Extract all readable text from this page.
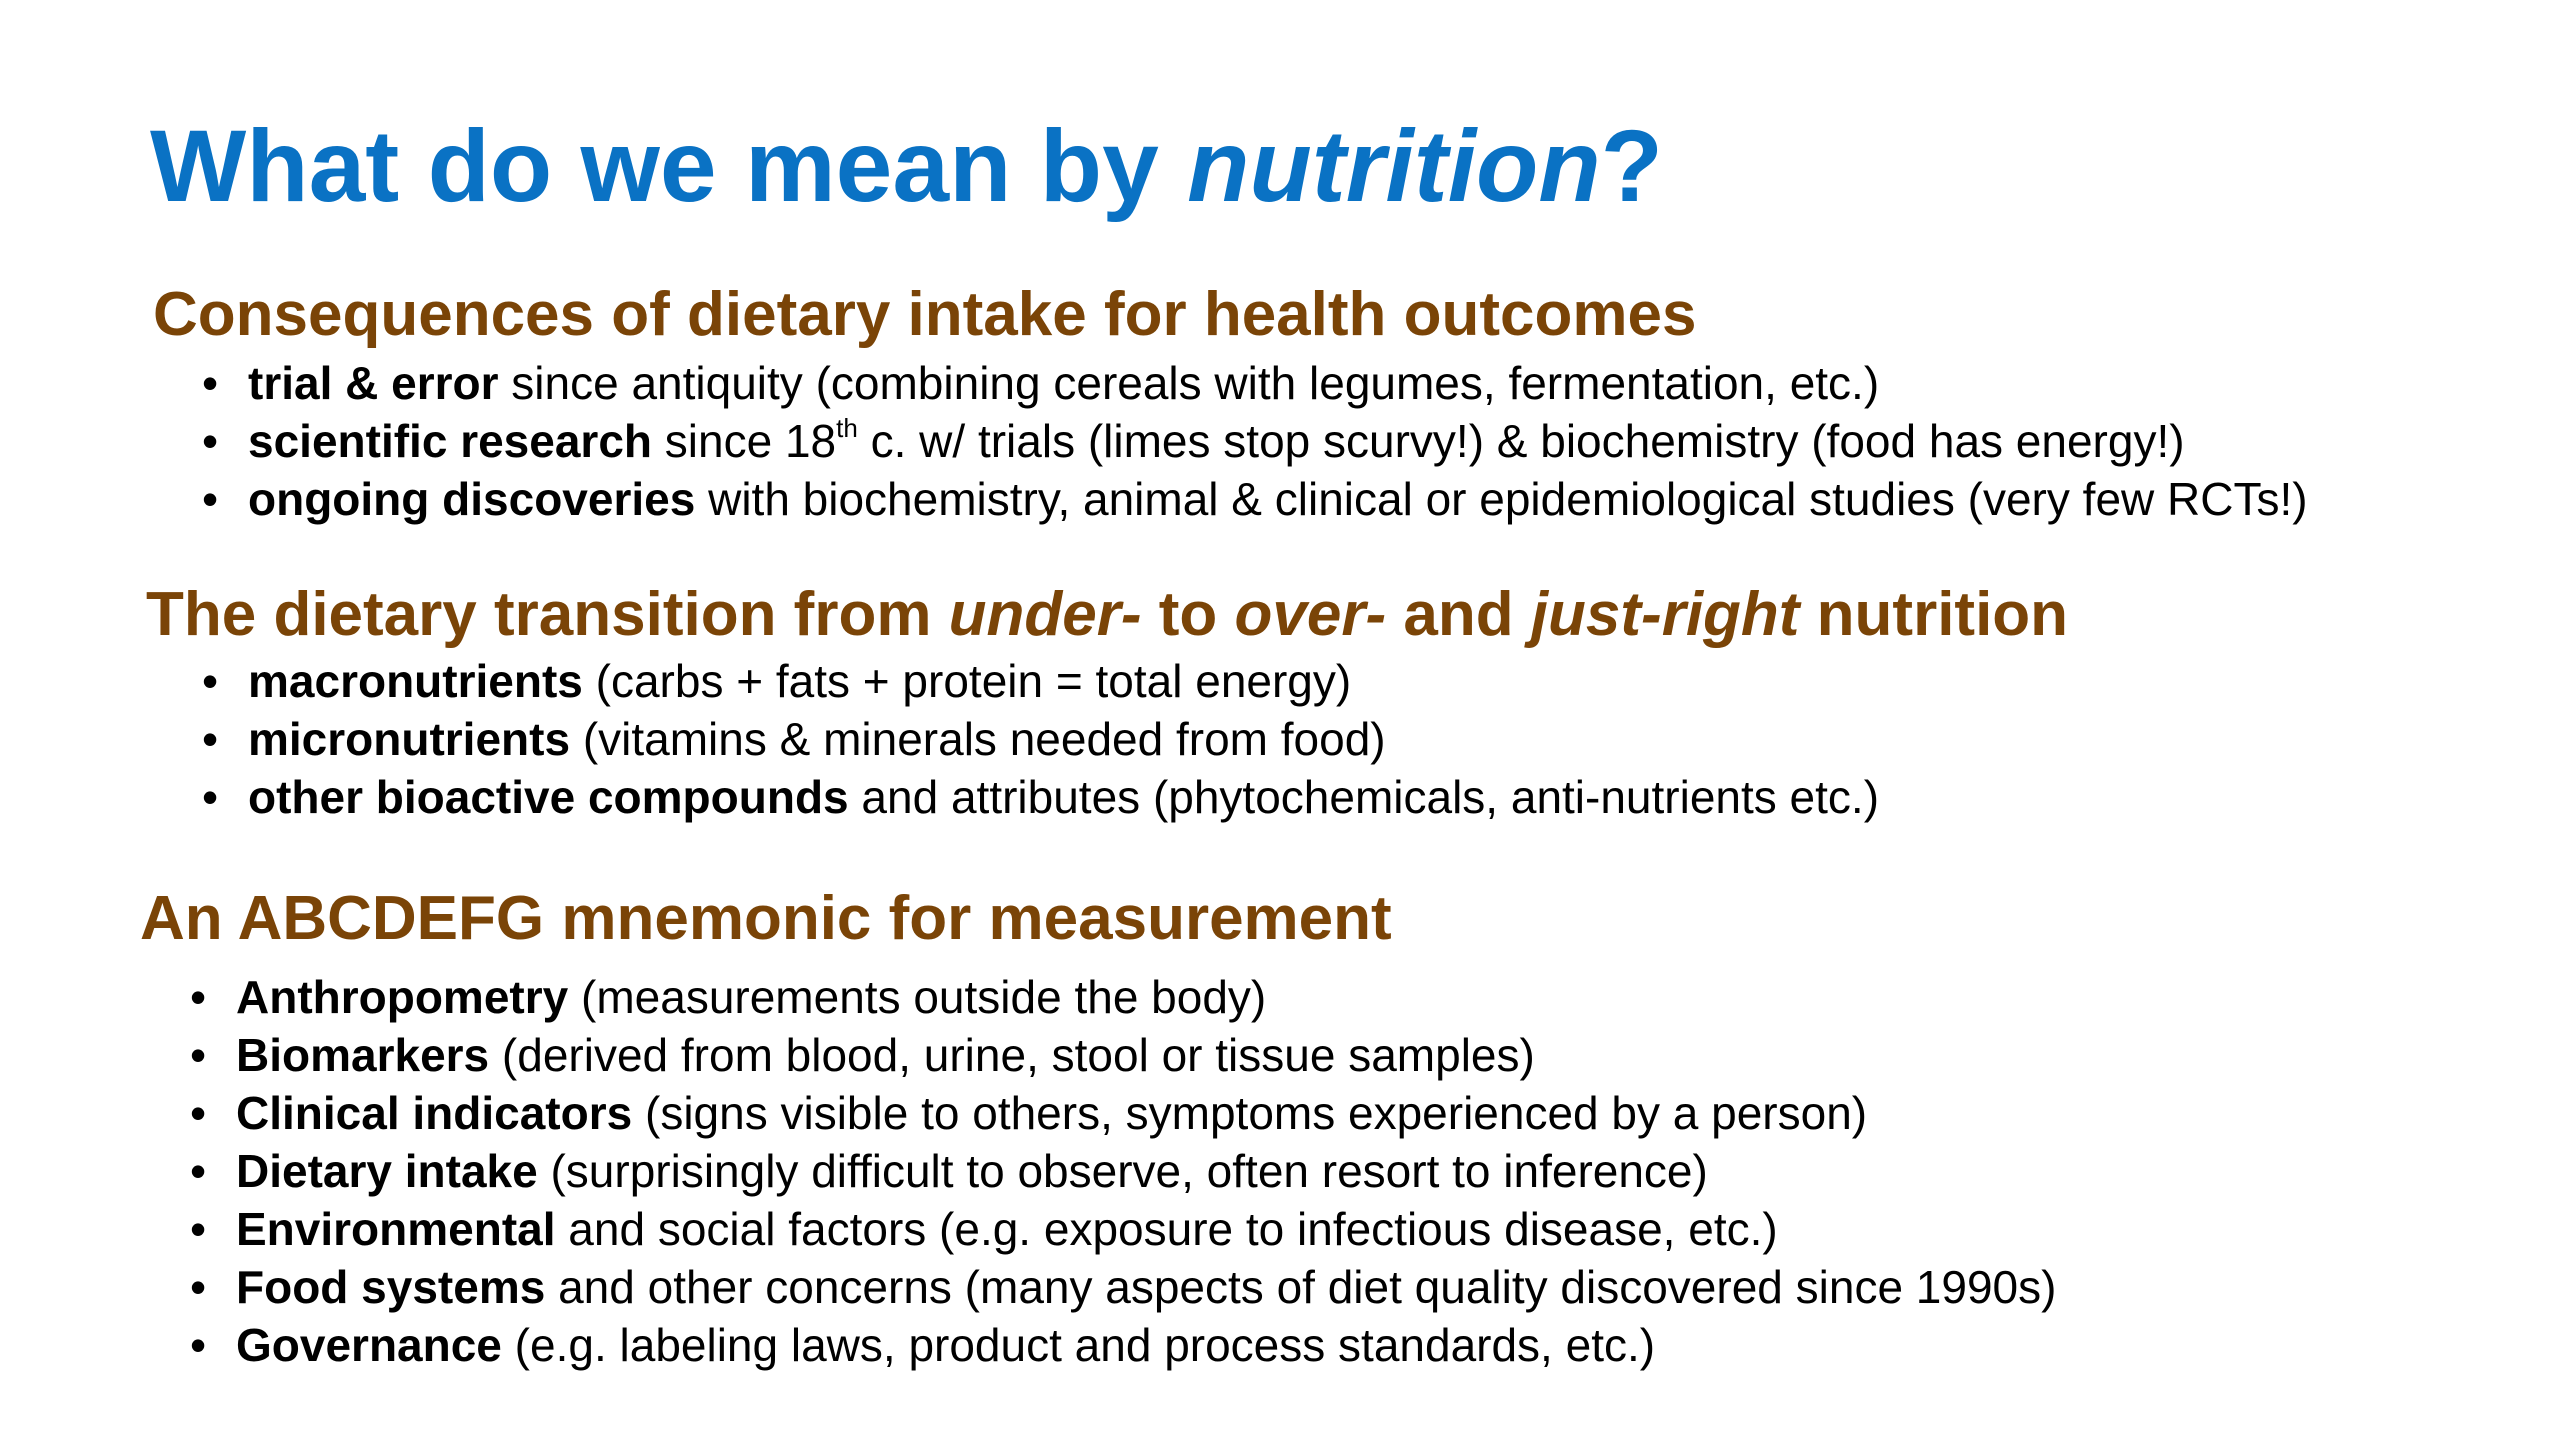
What do we mean by nutrition?
Consequences of dietary intake for health outcomes
• trial & error since antiquity (combining cereals with legumes, fermentation, etc.)
• scientific research since 18th c. w/ trials (limes stop scurvy!) & biochemistry (food has energy!)
• ongoing discoveries with biochemistry, animal & clinical or epidemiological studies (very few RCTs!)
The dietary transition from under- to over- and just-right nutrition
• macronutrients (carbs + fats + protein = total energy)
• micronutrients (vitamins & minerals needed from food)
• other bioactive compounds and attributes (phytochemicals, anti-nutrients etc.)
An ABCDEFG mnemonic for measurement
• Anthropometry (measurements outside the body)
• Biomarkers (derived from blood, urine, stool or tissue samples)
• Clinical indicators (signs visible to others, symptoms experienced by a person)
• Dietary intake (surprisingly difficult to observe, often resort to inference)
• Environmental and social factors (e.g. exposure to infectious disease, etc.)
• Food systems and other concerns (many aspects of diet quality discovered since 1990s)
• Governance (e.g. labeling laws, product and process standards, etc.)
